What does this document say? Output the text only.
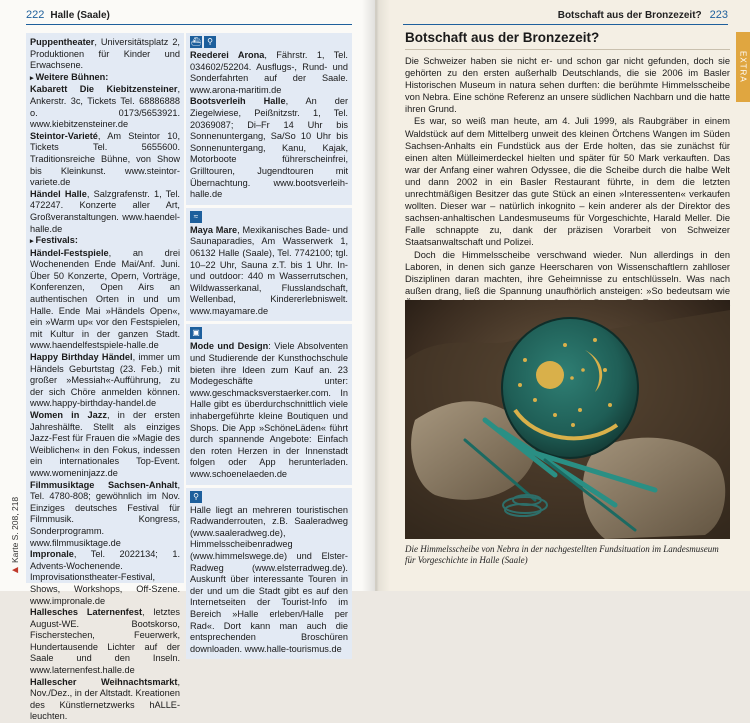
222 Halle (Saale)
Puppentheater, Universitätsplatz 2, Produktionen für Kinder und Erwachsene.
▸ Weitere Bühnen:
Kabarett Die Kiebitzensteiner, Ankerstr. 3c, Tickets Tel. 68886888 o. 0173/5653921. www.kiebitzensteiner.de
Steintor-Varieté, Am Steintor 10, Tickets Tel. 5655600. Traditionsreiche Bühne, von Show bis Kleinkunst. www.steintor-variete.de
Händel Halle, Salzgrafenstr. 1, Tel. 472247. Konzerte aller Art, Großveranstaltungen. www.haendel-halle.de
▸ Festivals:
Händel-Festspiele, an drei Wochenenden Ende Mai/Anf. Juni. Über 50 Konzerte, Opern, Vorträge, Konferenzen, Open Airs an authentischen Orten in und um Halle. Ende Mai »Händels Open«, ein »Warm up« vor den Festspielen, mit Kultur in der ganzen Stadt. www.haendelfestspiele-halle.de
Happy Birthday Händel, immer um Händels Geburtstag (23. Feb.) mit großer »Messiah«-Aufführung, zu der sich Chöre anmelden können. www.happy-birthday-handel.de
Women in Jazz, in der ersten Jahreshälfte. Stellt als einziges Jazz-Fest für Frauen die »Magie des Weiblichen« in den Fokus, indessen ein internationales Top-Event. www.womeninjazz.de
Filmmusiktage Sachsen-Anhalt, Tel. 4780-808; gewöhnlich im Nov. Einziges deutsches Festival für Filmmusik. Kongress, Sonderprogramm. www.filmmusiktage.de
Impronale, Tel. 2022134; 1. Advents-Wochenende. Improvisationstheater-Festival, Shows, Workshops, Off-Szene. www.impronale.de
Hallesches Laternenfest, letztes August-WE. Bootskorso, Fischerstechen, Feuerwerk, Hundertausende Lichter auf der Saale und den Inseln. www.laternenfest.halle.de
Hallescher Weihnachtsmarkt, Nov./Dez., in der Altstadt. Kreationen des Künstlernetzwerks hALLE-leuchten.
⛴ ⚲
Reederei Arona, Fährstr. 1, Tel. 034602/52204. Ausflugs-, Rund- und Sonderfahrten auf der Saale. www.arona-maritim.de
Bootsverleih Halle, An der Ziegelwiese, Peißnitzstr. 1, Tel. 20369087; Di–Fr 14 Uhr bis Sonnenuntergang, Sa/So 10 Uhr bis Sonnenuntergang, Kanu, Kajak, Motorboote führerscheinfrei, Grilltouren, Jugendtouren mit Übernachtung. www.bootsverleih-halle.de
≈
Maya Mare, Mexikanisches Bade- und Saunaparadies, Am Wasserwerk 1, 06132 Halle (Saale), Tel. 7742100; tgl. 10–22 Uhr, Sauna z.T. bis 1 Uhr. In- und outdoor: 440 m Wasserrutschen, Wildwasserkanal, Flusslandschaft, Wellenbad, Kindererlebniswelt. www.mayamare.de
▣
Mode und Design: Viele Absolventen und Studierende der Kunsthochschule bieten ihre Ideen zum Kauf an. 23 Modegeschäfte unter: www.geschmacksverstaerker.com. In Halle gibt es überdurchschnittlich viele inhabergeführte kleine Boutiquen und Shops. Die App »SchöneLäden« führt durch spannende Angebote: Einfach den roten Herzen in der Innenstadt folgen oder App herunterladen. www.schoenelaeden.de
⚲
Halle liegt an mehreren touristischen Radwanderrouten, z.B. Saaleradweg (www.saaleradweg.de), Himmelsscheibenradweg (www.himmelswege.de) und Elster-Radweg (www.elsterradweg.de). Auskunft über interessante Touren in der und um die Stadt gibt es auf den Internetseiten der Tourist-Info im Bereich »Halle erleben/Halle per Rad«. Dort kann man auch die entsprechenden Broschüren downloaden. www.halle-tourismus.de
▶
Karte S. 208, 218
Botschaft aus der Bronzezeit? 223
EXTRA
Botschaft aus der Bronzezeit?

Die Schweizer haben sie nicht er- und schon gar nicht gefunden, doch sie gehörten zu den ersten außerhalb Deutschlands, die sie 2006 im Basler Historischen Museum in natura sehen durften: die berühmte Himmelsscheibe von Nebra. Eine schöne Referenz an unsere südlichen Nachbarn und die hatte ihren Grund.

Es war, so weiß man heute, am 4. Juli 1999, als Raubgräber in einem Waldstück auf dem Mittelberg unweit des kleinen Örtchens Wangen im Süden Sachsen-Anhalts ein Fundstück aus der Erde holten, das sie zunächst für einen alten Mülleimerdeckel hielten und später für 50 Mark verkauften. Das war der Anfang einer wahren Odyssee, die die Scheibe durch die halbe Welt und dann 2002 in ein Basler Restaurant führte, in dem die letzten unrechtmäßigen Besitzer das gute Stück an einen »Interessenten« verkaufen wollten. Dieser war – natürlich inkognito – kein anderer als der Direktor des sachsen-anhaltischen Landesmuseums für Vorgeschichte, Harald Meller. Die Falle schnappte zu, dank der präzisen Vorarbeit von Schweizer Staatsanwaltschaft und Polizei.

Doch die Himmelsscheibe verschwand wieder. Nun allerdings in den Laboren, in denen sich ganze Heerscharen von Wissenschaftlern zahlloser Disziplinen daran machten, ihre Geheimnisse zu entschlüsseln. Was nach außen drang, ließ die Spannung unaufhörlich ansteigen: »So bedeutsam wie

Die Himmelsscheibe von Nebra in der nachgestellten Fundsituation im Landesmuseum für Vorgeschichte in Halle (Saale)
